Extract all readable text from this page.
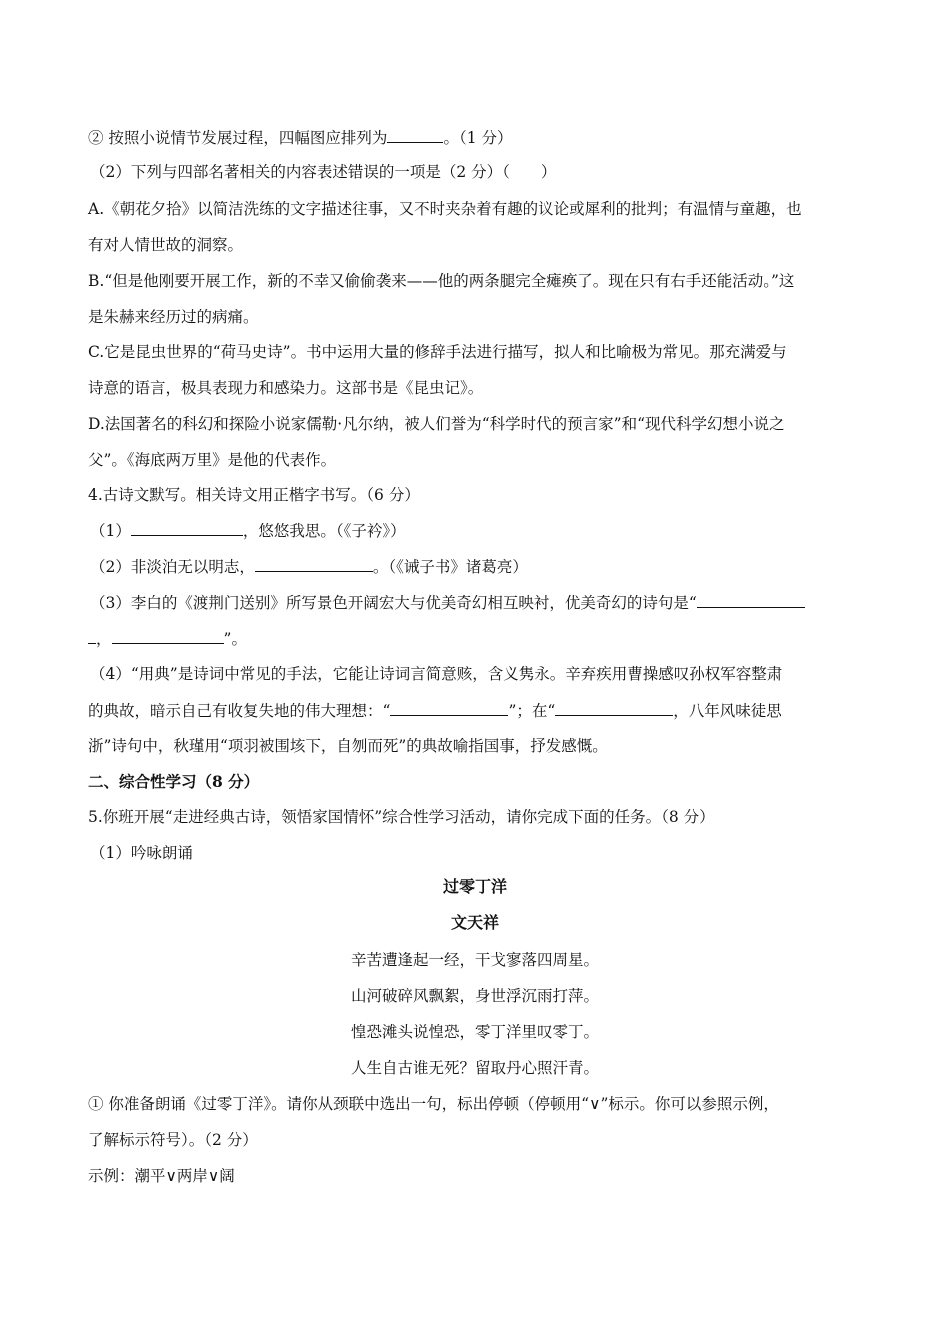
② 按照小说情节发展过程，四幅图应排列为	。（1 分）
（2）下列与四部名著相关的内容表述错误的一项是（2 分）（　　）
A.《朝花夕拾》以简洁洗练的文字描述往事，又不时夹杂着有趣的议论或犀利的批判；有温情与童趣，也
有对人情世故的洞察。
B.“但是他刚要开展工作，新的不幸又偷偷袭来——他的两条腿完全瘫痪了。现在只有右手还能活动。”这
是朱赫来经历过的病痛。
C.它是昆虫世界的“荷马史诗”。书中运用大量的修辞手法进行描写，拟人和比喻极为常见。那充满爱与
诗意的语言，极具表现力和感染力。这部书是《昆虫记》。
D.法国著名的科幻和探险小说家儒勒·凡尔纳，被人们誉为“科学时代的预言家”和“现代科学幻想小说之
父”。《海底两万里》是他的代表作。
4.古诗文默写。相关诗文用正楷字书写。（6 分）
（1）	，悠悠我思。（《子衿》）
（2）非淡泊无以明志，	。（《诫子书》诸葛亮）
（3）李白的《渡荆门送别》所写景色开阔宏大与优美奇幻相互映衬，优美奇幻的诗句是“
，	”。
（4）“用典”是诗词中常见的手法，它能让诗词言简意赅，含义隽永。辛弃疾用曹操感叹孙权军容整肃
的典故，暗示自己有收复失地的伟大理想：“	”；在“	，八年风味徒思
浙”诗句中，秋瑾用“项羽被围垓下，自刎而死”的典故喻指国事，抒发感慨。
二、综合性学习（8 分）
5.你班开展“走进经典古诗，领悟家国情怀”综合性学习活动，请你完成下面的任务。（8 分）
（1）吟咏朗诵
过零丁洋
文天祥
辛苦遭逢起一经，干戈寥落四周星。
山河破碎风飘絮，身世浮沉雨打萍。
惶恐滩头说惶恐，零丁洋里叹零丁。
人生自古谁无死？留取丹心照汗青。
① 你准备朗诵《过零丁洋》。请你从颈联中选出一句，标出停顿（停顿用“∨”标示。你可以参照示例，
了解标示符号）。（2 分）
示例：潮平∨两岸∨阔
